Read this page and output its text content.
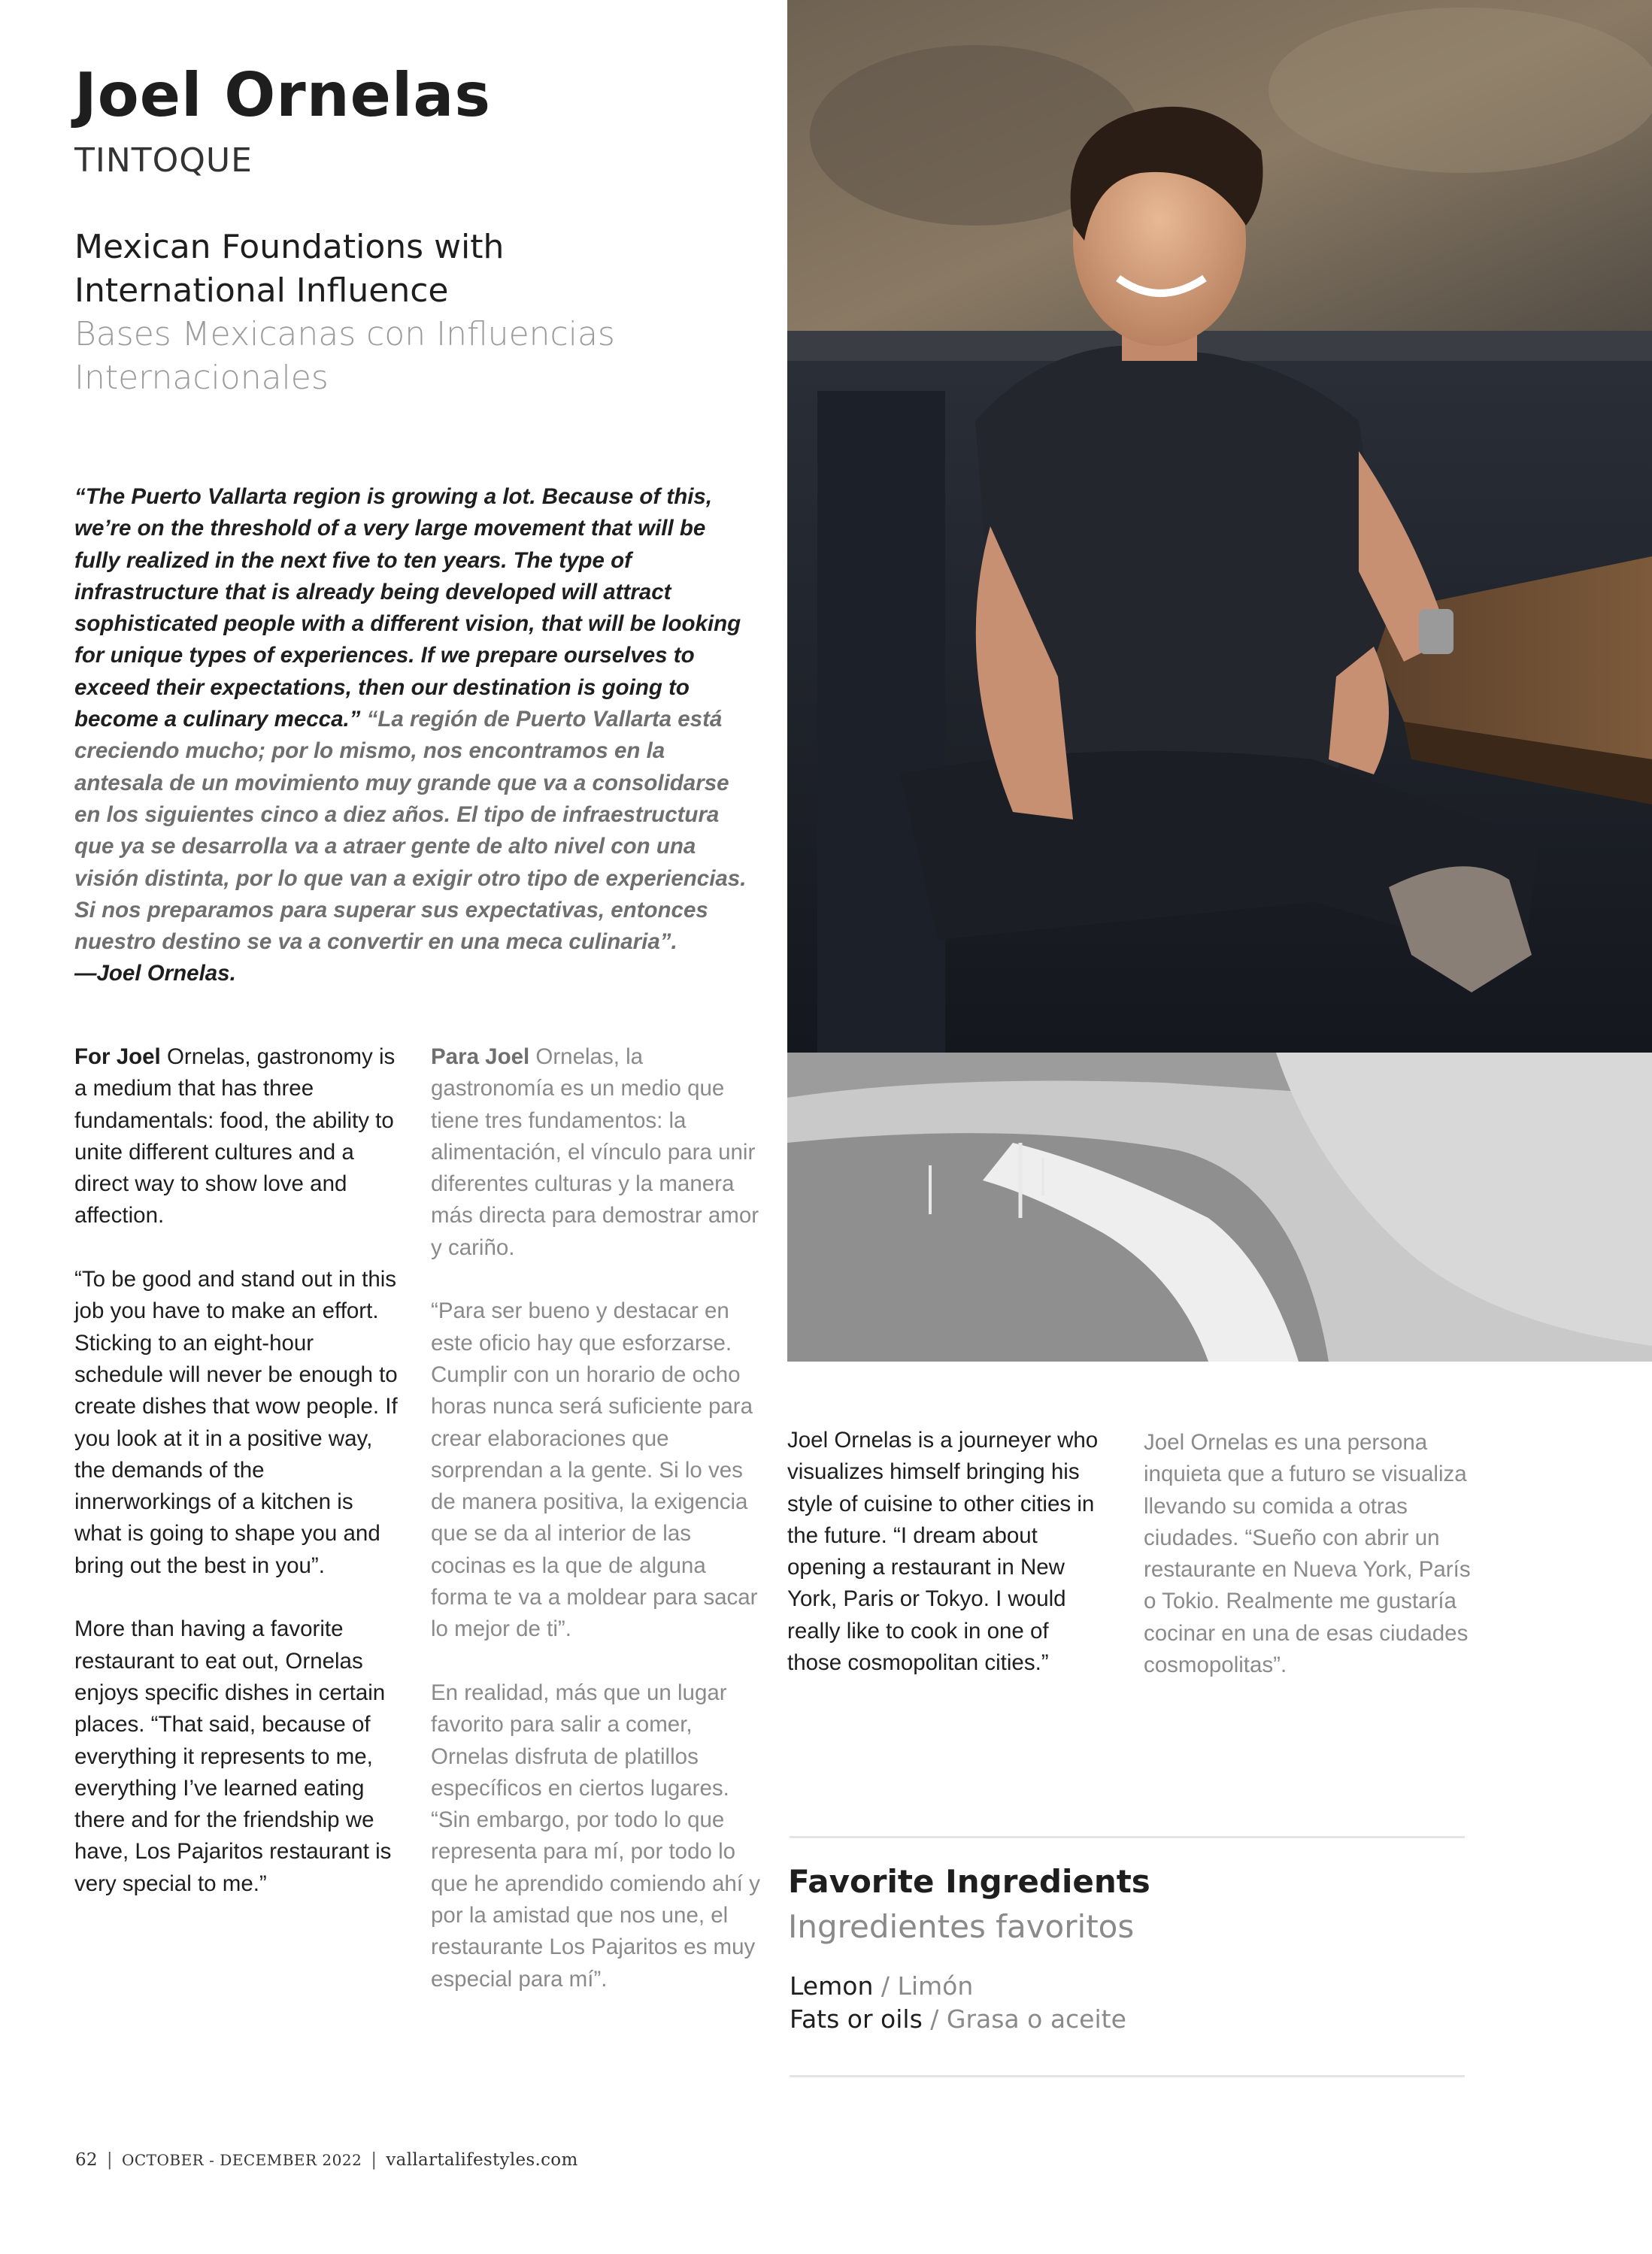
Joel Ornelas
TINTOQUE
Mexican Foundations with International Influence
Bases Mexicanas con Influencias Internacionales
“The Puerto Vallarta region is growing a lot. Because of this, we’re on the threshold of a very large movement that will be fully realized in the next five to ten years. The type of infrastructure that is already being developed will attract sophisticated people with a different vision, that will be looking for unique types of experiences. If we prepare ourselves to exceed their expectations, then our destination is going to become a culinary mecca.” “La región de Puerto Vallarta está creciendo mucho; por lo mismo, nos encontramos en la antesala de un movimiento muy grande que va a consolidarse en los siguientes cinco a diez años. El tipo de infraestructura que ya se desarrolla va a atraer gente de alto nivel con una visión distinta, por lo que van a exigir otro tipo de experiencias. Si nos preparamos para superar sus expectativas, entonces nuestro destino se va a convertir en una meca culinaria”.
—Joel Ornelas.

For Joel Ornelas, gastronomy is a medium that has three fundamentals: food, the ability to unite different cultures and a direct way to show love and affection.

“To be good and stand out in this job you have to make an effort. Sticking to an eight-hour schedule will never be enough to create dishes that wow people. If you look at it in a positive way, the demands of the innerworkings of a kitchen is what is going to shape you and bring out the best in you”.

More than having a favorite restaurant to eat out, Ornelas enjoys specific dishes in certain places. “That said, because of everything it represents to me, everything I’ve learned eating there and for the friendship we have, Los Pajaritos restaurant is very special to me.”

Para Joel Ornelas, la gastronomía es un medio que tiene tres fundamentos: la alimentación, el vínculo para unir diferentes culturas y la manera más directa para demostrar amor y cariño.

“Para ser bueno y destacar en este oficio hay que esforzarse. Cumplir con un horario de ocho horas nunca será suficiente para crear elaboraciones que sorprendan a la gente. Si lo ves de manera positiva, la exigencia que se da al interior de las cocinas es la que de alguna forma te va a moldear para sacar lo mejor de ti”.

En realidad, más que un lugar favorito para salir a comer, Ornelas disfruta de platillos específicos en ciertos lugares. “Sin embargo, por todo lo que representa para mí, por todo lo que he aprendido comiendo ahí y por la amistad que nos une, el restaurante Los Pajaritos es muy especial para mí”.

Joel Ornelas is a journeyer who visualizes himself bringing his style of cuisine to other cities in the future. “I dream about opening a restaurant in New York, Paris or Tokyo. I would really like to cook in one of those cosmopolitan cities.”

Joel Ornelas es una persona inquieta que a futuro se visualiza llevando su comida a otras ciudades. “Sueño con abrir un restaurante en Nueva York, París o Tokio. Realmente me gustaría cocinar en una de esas ciudades cosmopolitas”.

Favorite Ingredients
Ingredientes favoritos
Lemon / Limón
Fats or oils / Grasa o aceite
62 | OCTOBER - DECEMBER 2022 | vallartalifestyles.com
